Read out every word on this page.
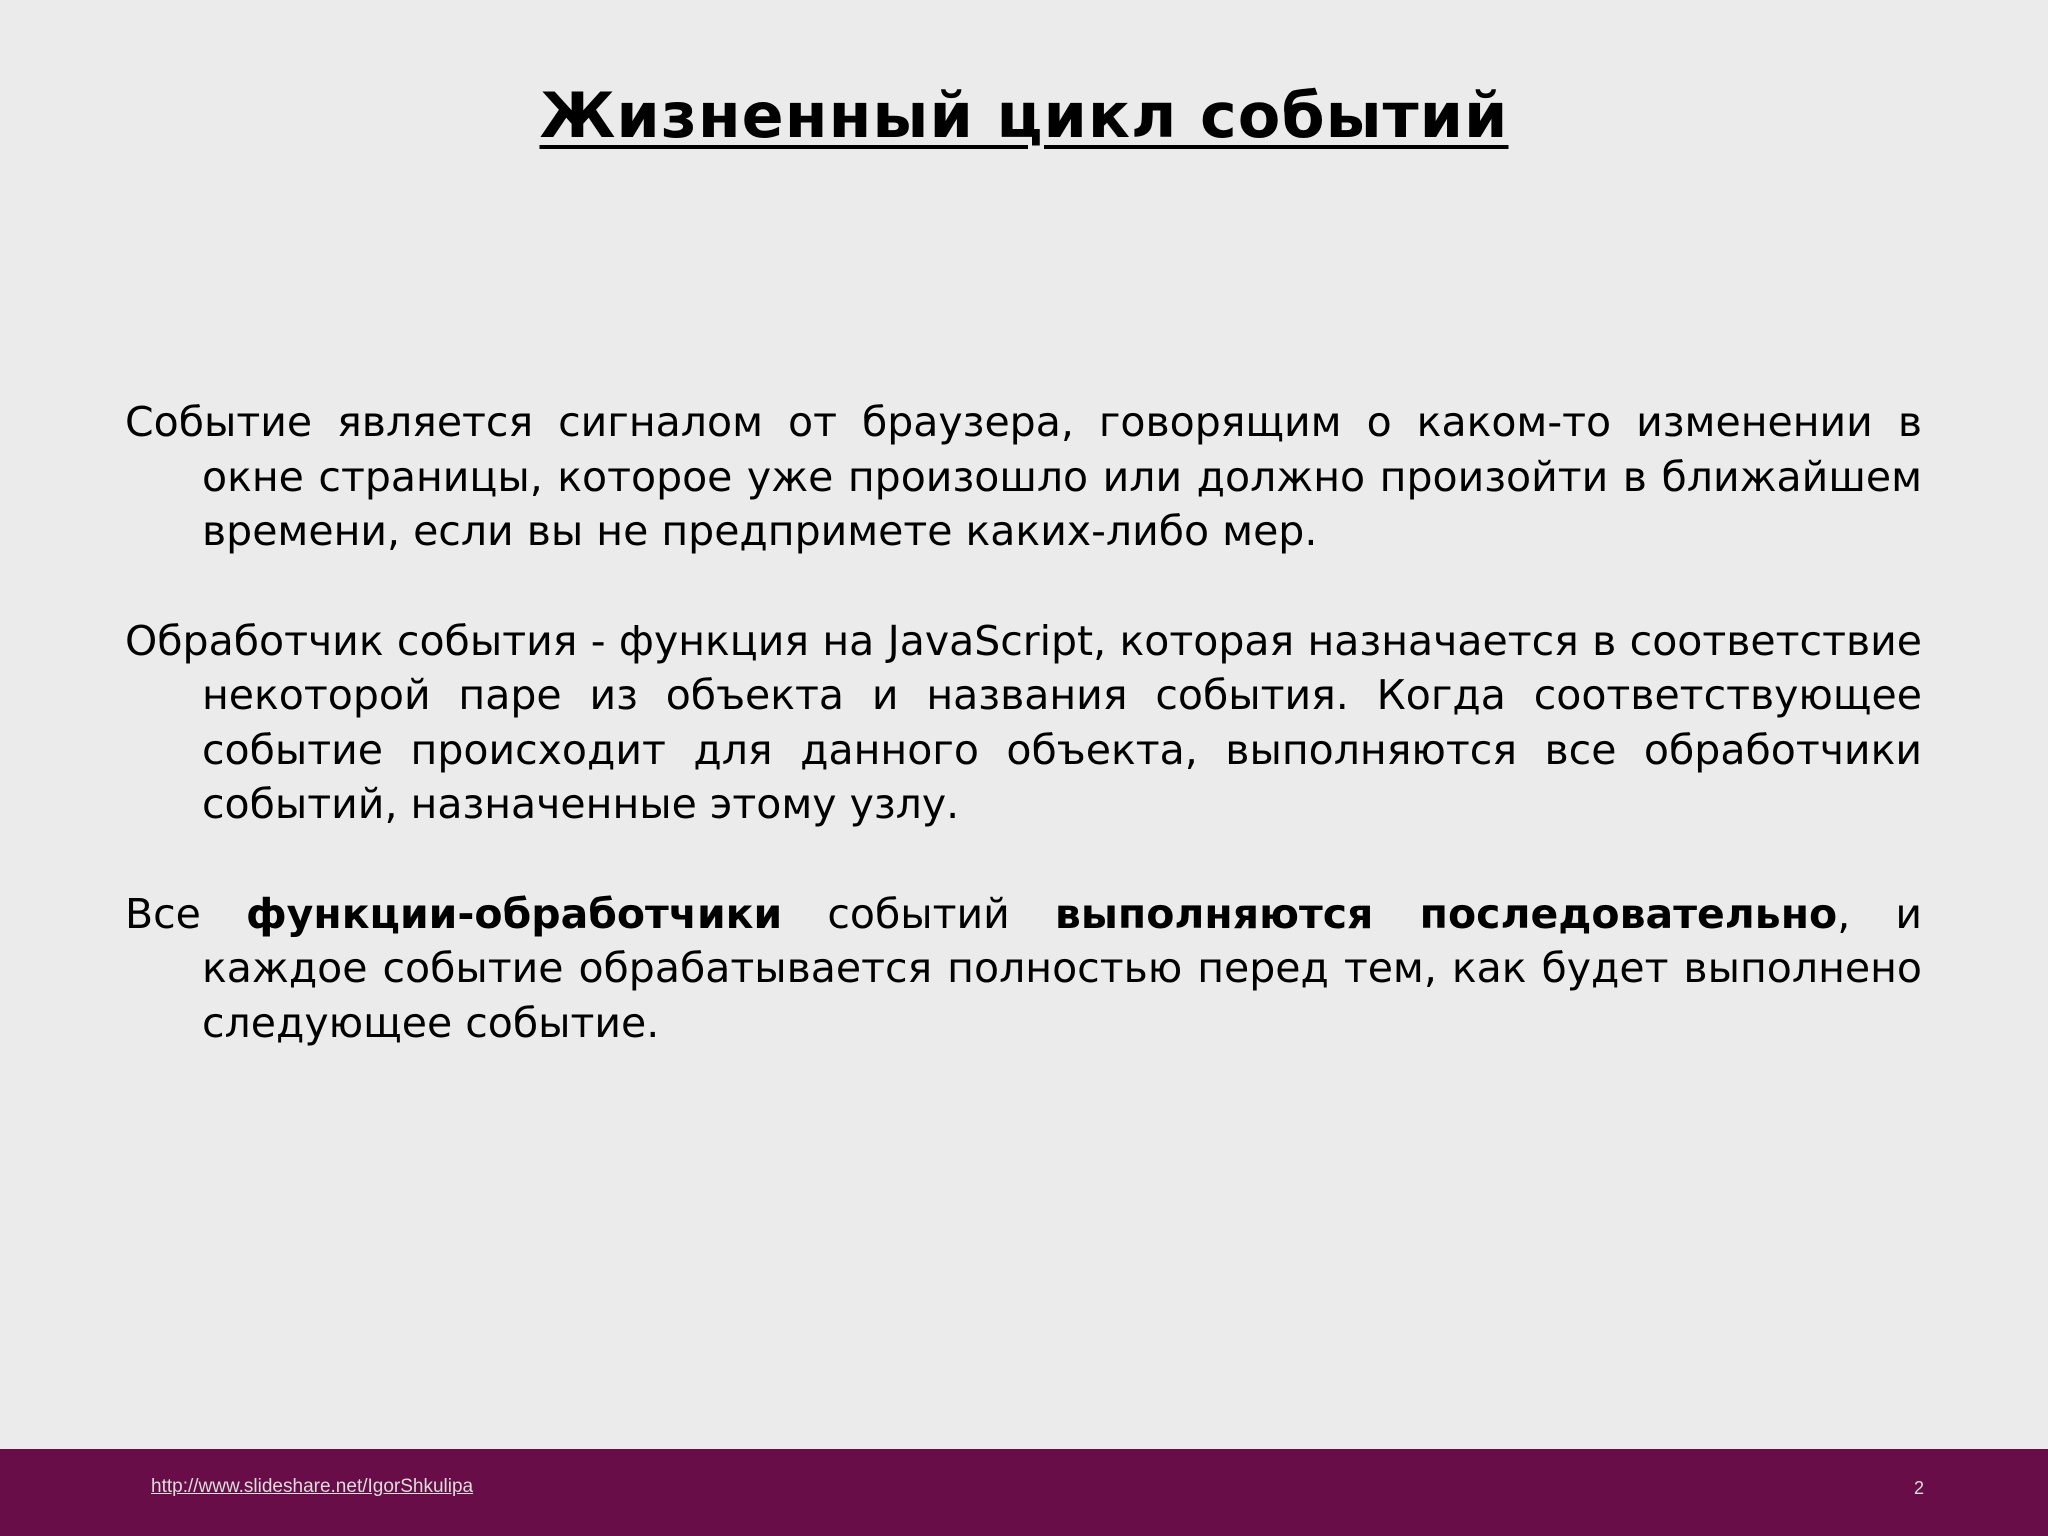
Жизненный цикл событий

Событие является сигналом от браузера, говорящим о каком-то изменении в окне страницы, которое уже произошло или должно произойти в ближайшем времени, если вы не предпримете каких-либо мер.

Обработчик события - функция на JavaScript, которая назначается в соответствие некоторой паре из объекта и названия события. Когда соответствующее событие происходит для данного объекта, выполняются все обработчики событий, назначенные этому узлу.

Все функции-обработчики событий выполняются последовательно, и каждое событие обрабатывается полностью перед тем, как будет выполнено следующее событие.

http://www.slideshare.net/IgorShkulipa	2
